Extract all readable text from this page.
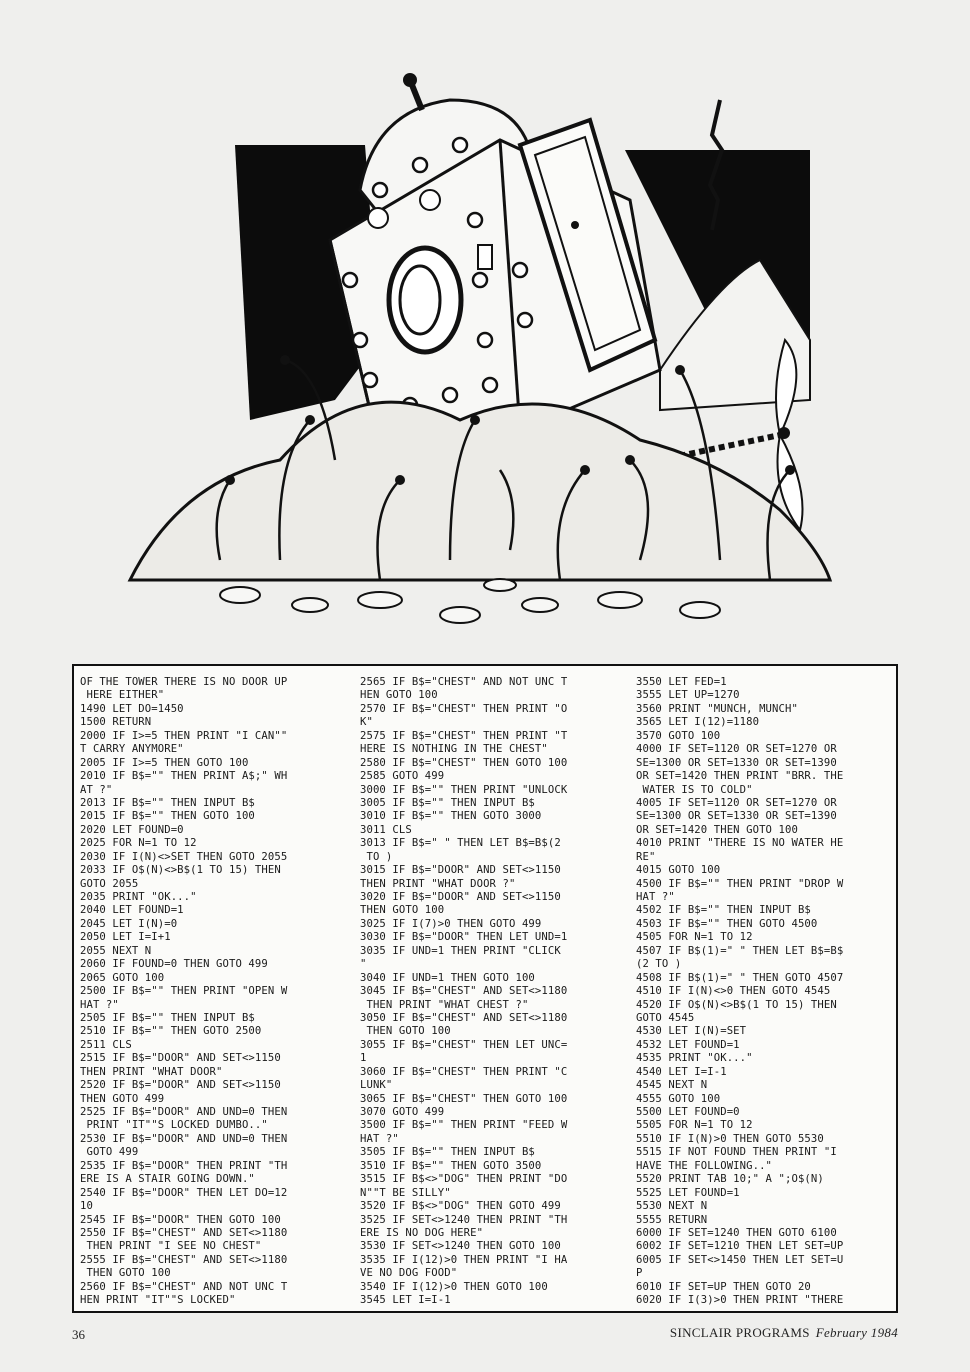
OF THE TOWER THERE IS NO DOOR UP
HERE EITHER"
1490 LET DO=1450
1500 RETURN
2000 IF I>=5 THEN PRINT "I CAN""
T CARRY ANYMORE"
2005 IF I>=5 THEN GOTO 100
2010 IF B$="" THEN PRINT A$;" WH
AT ?"
2013 IF B$="" THEN INPUT B$
2015 IF B$="" THEN GOTO 100
2020 LET FOUND=0
2025 FOR N=1 TO 12
2030 IF I(N)<>SET THEN GOTO 2055
2033 IF O$(N)<>B$(1 TO 15) THEN
GOTO 2055
2035 PRINT "OK..."
2040 LET FOUND=1
2045 LET I(N)=0
2050 LET I=I+1
2055 NEXT N
2060 IF FOUND=0 THEN GOTO 499
2065 GOTO 100
2500 IF B$="" THEN PRINT "OPEN W
HAT ?"
2505 IF B$="" THEN INPUT B$
2510 IF B$="" THEN GOTO 2500
2511 CLS
2515 IF B$="DOOR" AND SET<>1150
THEN PRINT "WHAT DOOR"
2520 IF B$="DOOR" AND SET<>1150
THEN GOTO 499
2525 IF B$="DOOR" AND UND=0 THEN
PRINT "IT""S LOCKED DUMBO.."
2530 IF B$="DOOR" AND UND=0 THEN
GOTO 499
2535 IF B$="DOOR" THEN PRINT "TH
ERE IS A STAIR GOING DOWN."
2540 IF B$="DOOR" THEN LET DO=12
10
2545 IF B$="DOOR" THEN GOTO 100
2550 IF B$="CHEST" AND SET<>1180
THEN PRINT "I SEE NO CHEST"
2555 IF B$="CHEST" AND SET<>1180
THEN GOTO 100
2560 IF B$="CHEST" AND NOT UNC T
HEN PRINT "IT""S LOCKED"
2565 IF B$="CHEST" AND NOT UNC T
HEN GOTO 100
2570 IF B$="CHEST" THEN PRINT "O
K"
2575 IF B$="CHEST" THEN PRINT "T
HERE IS NOTHING IN THE CHEST"
2580 IF B$="CHEST" THEN GOTO 100
2585 GOTO 499
3000 IF B$="" THEN PRINT "UNLOCK
3005 IF B$="" THEN INPUT B$
3010 IF B$="" THEN GOTO 3000
3011 CLS
3013 IF B$=" " THEN LET B$=B$(2
TO )
3015 IF B$="DOOR" AND SET<>1150
THEN PRINT "WHAT DOOR ?"
3020 IF B$="DOOR" AND SET<>1150
THEN GOTO 100
3025 IF I(7)>0 THEN GOTO 499
3030 IF B$="DOOR" THEN LET UND=1
3035 IF UND=1 THEN PRINT "CLICK
"
3040 IF UND=1 THEN GOTO 100
3045 IF B$="CHEST" AND SET<>1180
THEN PRINT "WHAT CHEST ?"
3050 IF B$="CHEST" AND SET<>1180
THEN GOTO 100
3055 IF B$="CHEST" THEN LET UNC=
1
3060 IF B$="CHEST" THEN PRINT "C
LUNK"
3065 IF B$="CHEST" THEN GOTO 100
3070 GOTO 499
3500 IF B$="" THEN PRINT "FEED W
HAT ?"
3505 IF B$="" THEN INPUT B$
3510 IF B$="" THEN GOTO 3500
3515 IF B$<>"DOG" THEN PRINT "DO
N""T BE SILLY"
3520 IF B$<>"DOG" THEN GOTO 499
3525 IF SET<>1240 THEN PRINT "TH
ERE IS NO DOG HERE"
3530 IF SET<>1240 THEN GOTO 100
3535 IF I(12)>0 THEN PRINT "I HA
VE NO DOG FOOD"
3540 IF I(12)>0 THEN GOTO 100
3545 LET I=I-1
3550 LET FED=1
3555 LET UP=1270
3560 PRINT "MUNCH, MUNCH"
3565 LET I(12)=1180
3570 GOTO 100
4000 IF SET=1120 OR SET=1270 OR
SE=1300 OR SET=1330 OR SET=1390
OR SET=1420 THEN PRINT "BRR. THE
WATER IS TO COLD"
4005 IF SET=1120 OR SET=1270 OR
SE=1300 OR SET=1330 OR SET=1390
OR SET=1420 THEN GOTO 100
4010 PRINT "THERE IS NO WATER HE
RE"
4015 GOTO 100
4500 IF B$="" THEN PRINT "DROP W
HAT ?"
4502 IF B$="" THEN INPUT B$
4503 IF B$="" THEN GOTO 4500
4505 FOR N=1 TO 12
4507 IF B$(1)=" " THEN LET B$=B$
(2 TO )
4508 IF B$(1)=" " THEN GOTO 4507
4510 IF I(N)<>0 THEN GOTO 4545
4520 IF O$(N)<>B$(1 TO 15) THEN
GOTO 4545
4530 LET I(N)=SET
4532 LET FOUND=1
4535 PRINT "OK..."
4540 LET I=I-1
4545 NEXT N
4555 GOTO 100
5500 LET FOUND=0
5505 FOR N=1 TO 12
5510 IF I(N)>0 THEN GOTO 5530
5515 IF NOT FOUND THEN PRINT "I
HAVE THE FOLLOWING.."
5520 PRINT TAB 10;" A ";O$(N)
5525 LET FOUND=1
5530 NEXT N
5555 RETURN
6000 IF SET=1240 THEN GOTO 6100
6002 IF SET=1210 THEN LET SET=UP
6005 IF SET<>1450 THEN LET SET=U
P
6010 IF SET=UP THEN GOTO 20
6020 IF I(3)>0 THEN PRINT "THERE
36	SINCLAIR PROGRAMS February 1984
